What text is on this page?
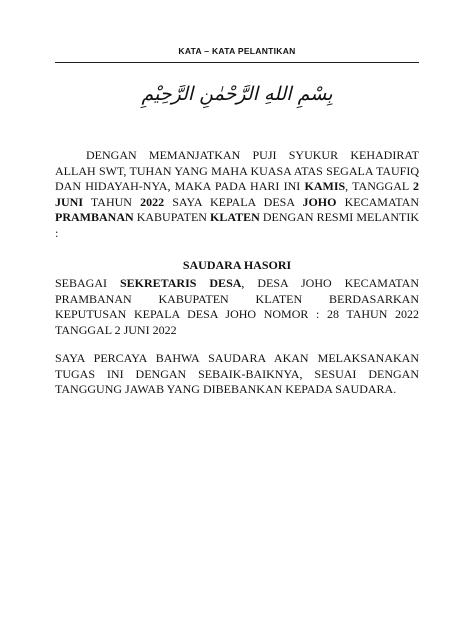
KATA – KATA PELANTIKAN
بِسْمِ اللهِ الرَّحْمٰنِ الرَّحِيْمِ

DENGAN MEMANJATKAN PUJI SYUKUR KEHADIRAT ALLAH SWT, TUHAN YANG MAHA KUASA ATAS SEGALA TAUFIQ DAN HIDAYAH-NYA, MAKA PADA HARI INI KAMIS, TANGGAL 2 JUNI TAHUN 2022 SAYA KEPALA DESA JOHO KECAMATAN PRAMBANAN KABUPATEN KLATEN DENGAN RESMI MELANTIK :

SAUDARA HASORI

SEBAGAI SEKRETARIS DESA, DESA JOHO KECAMATAN PRAMBANAN KABUPATEN KLATEN BERDASARKAN KEPUTUSAN KEPALA DESA JOHO NOMOR : 28 TAHUN 2022 TANGGAL 2 JUNI 2022

SAYA PERCAYA BAHWA SAUDARA AKAN MELAKSANAKAN TUGAS INI DENGAN SEBAIK-BAIKNYA, SESUAI DENGAN TANGGUNG JAWAB YANG DIBEBANKAN KEPADA SAUDARA.
